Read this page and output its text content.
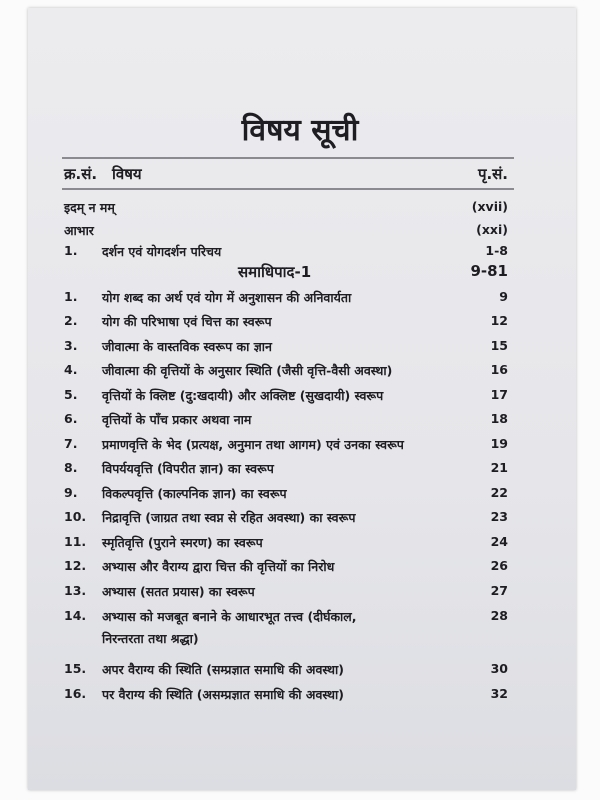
विषय सूची
क्र.सं. विषय	पृ.सं.
इदम् न मम्	(xvii)
आभार	(xxi)
1. दर्शन एवं योगदर्शन परिचय	1-8
समाधिपाद-1	9-81
1. योग शब्द का अर्थ एवं योग में अनुशासन की अनिवार्यता	9
2. योग की परिभाषा एवं चित्त का स्वरूप	12
3. जीवात्मा के वास्तविक स्वरूप का ज्ञान	15
4. जीवात्मा की वृत्तियों के अनुसार स्थिति (जैसी वृत्ति-वैसी अवस्था)	16
5. वृत्तियों के क्लिष्ट (दु:खदायी) और अक्लिष्ट (सुखदायी) स्वरूप	17
6. वृत्तियों के पाँच प्रकार अथवा नाम	18
7. प्रमाणवृत्ति के भेद (प्रत्यक्ष, अनुमान तथा आगम) एवं उनका स्वरूप	19
8. विपर्ययवृत्ति (विपरीत ज्ञान) का स्वरूप	21
9. विकल्पवृत्ति (काल्पनिक ज्ञान) का स्वरूप	22
10. निद्रावृत्ति (जाग्रत तथा स्वप्न से रहित अवस्था) का स्वरूप	23
11. स्मृतिवृत्ति (पुराने स्मरण) का स्वरूप	24
12. अभ्यास और वैराग्य द्वारा चित्त की वृत्तियों का निरोध	26
13. अभ्यास (सतत प्रयास) का स्वरूप	27
14. अभ्यास को मजबूत बनाने के आधारभूत तत्त्व (दीर्घकाल,	28
निरन्तरता तथा श्रद्धा)
15. अपर वैराग्य की स्थिति (सम्प्रज्ञात समाधि की अवस्था)	30
16. पर वैराग्य की स्थिति (असम्प्रज्ञात समाधि की अवस्था)	32
